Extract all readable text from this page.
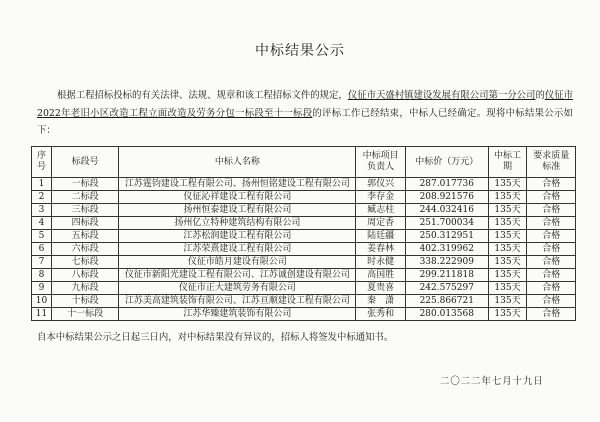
中标结果公示
根据工程招标投标的有关法律、法规、规章和该工程招标文件的规定，仪征市天盛村镇建设发展有限公司第一分公司的仪征市2022年老旧小区改造工程立面改造及劳务分包一标段至十一标段的评标工作已经结束，中标人已经确定。现将中标结果公示如下：
序号	标段号	中标人名称	中标项目负责人	中标价（万元）	中标工期	要求质量标准
1	一标段	江苏霆钧建设工程有限公司、扬州恒铭建设工程有限公司	郭仪兴	287.017736	135天	合格
2	二标段	仪征沁祥建设工程有限公司	李存金	208.921576	135天	合格
3	三标段	扬州恒泰建设工程有限公司	臧志柱	244.032416	135天	合格
4	四标段	扬州亿立特种建筑结构有限公司	周定香	251.700034	135天	合格
5	五标段	江苏松润建设工程有限公司	陆廷疆	250.312951	135天	合格
6	六标段	江苏荣熹建设工程有限公司	姜春林	402.319962	135天	合格
7	七标段	仪征市皓月建设有限公司	时永健	338.222909	135天	合格
8	八标段	仪征市新阳光建设工程有限公司、江苏诚创建设有限公司	高国胜	299.211818	135天	合格
9	九标段	仪征市正大建筑劳务有限公司	夏贵喜	242.575297	135天	合格
10	十标段	江苏美高建筑装饰有限公司、江苏亘顺建设工程有限公司	秦　潇	225.866721	135天	合格
11	十一标段	江苏华臻建筑装饰有限公司	张秀和	280.013568	135天	合格
自本中标结果公示之日起三日内，对中标结果没有异议的，招标人将签发中标通知书。
二〇二二年七月十九日
